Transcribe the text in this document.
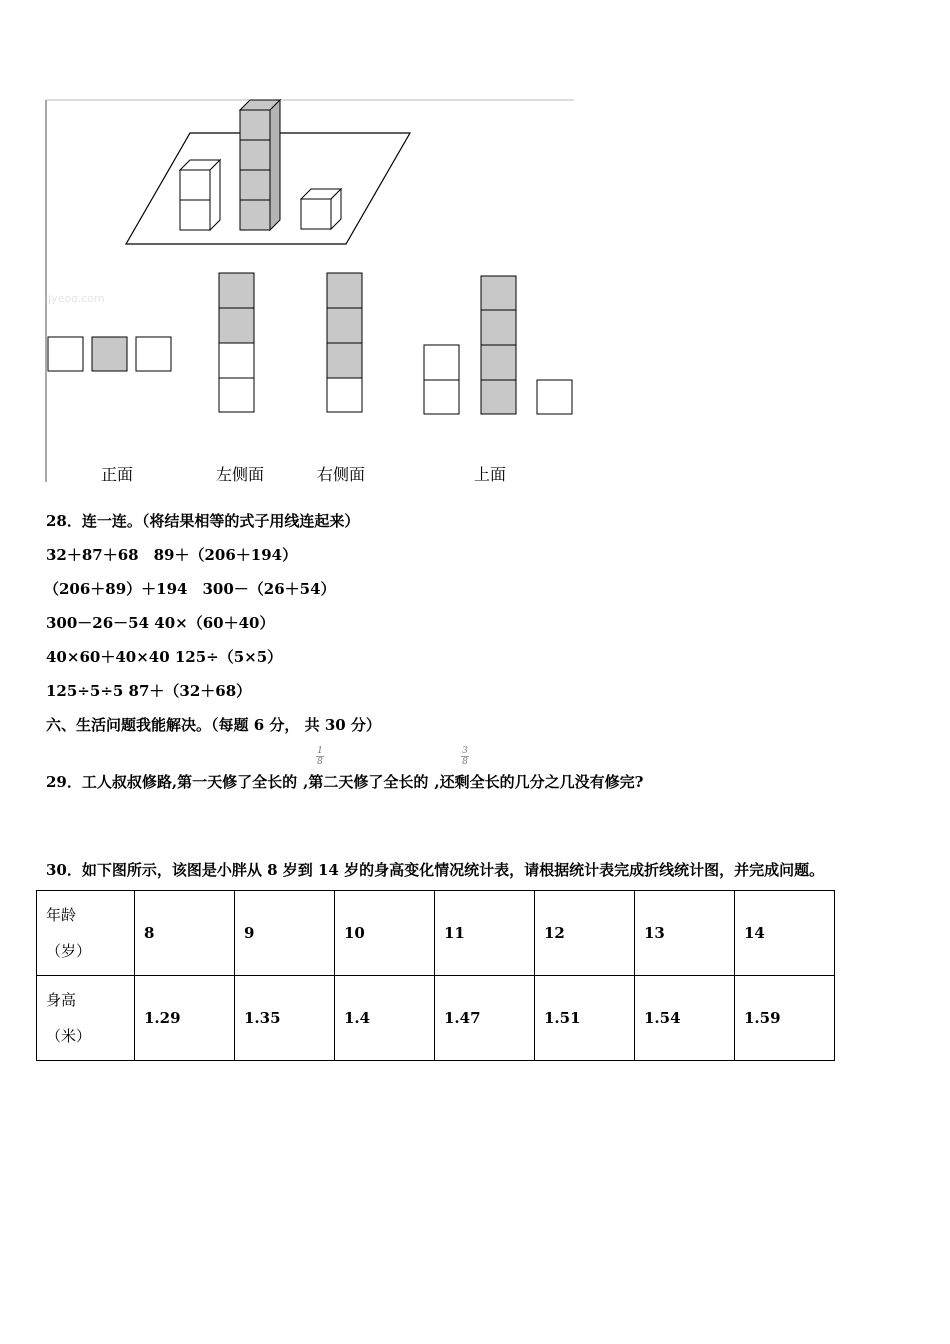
jyeoo.com
正面	左侧面	右侧面	上面
28．连一连。（将结果相等的式子用线连起来）
32＋87＋68　89＋（206＋194）
（206＋89）＋194　300－（26＋54）
300－26－54 40×（60＋40）
40×60＋40×40 125÷（5×5）
125÷5÷5 87＋（32＋68）
六、生活问题我能解决。（每题 6 分， 共 30 分）
29．工人叔叔修路,第一天修了全长的 ,第二天修了全长的 ,还剩全长的几分之几没有修完?
1
8
3
8
30．如下图所示，该图是小胖从 8 岁到 14 岁的身高变化情况统计表，请根据统计表完成折线统计图，并完成问题。
年龄
（岁）	8	9	10	11	12	13	14

身高
（米）	1.29	1.35	1.4	1.47	1.51	1.54	1.59
